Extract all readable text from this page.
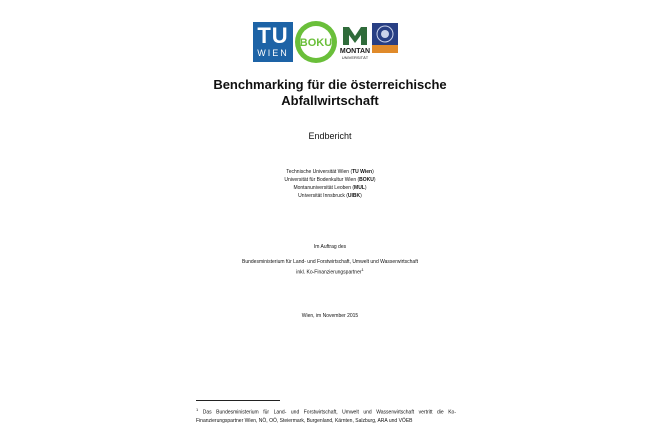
TU
WIEN
BOKU
MONTAN
UNIVERSITÄT
Benchmarking für die österreichische
Abfallwirtschaft
Endbericht
Technische Universität Wien (TU Wien)
Universität für Bodenkultur Wien (BOKU)
Montanuniversität Leoben (MUL)
Universität Innsbruck (UIBK)
Im Auftrag des
Bundesministerium für Land- und Forstwirtschaft, Umwelt und Wasserwirtschaft
inkl. Ko-Finanzierungspartner$^1$
Wien, im November 2015
$^1$ Das Bundesministerium für Land- und Forstwirtschaft, Umwelt und Wasserwirtschaft vertritt die Ko-Finanzierungspartner Wien, NÖ, OÖ, Steiermark, Burgenland, Kärnten, Salzburg, ARA und VÖEB
